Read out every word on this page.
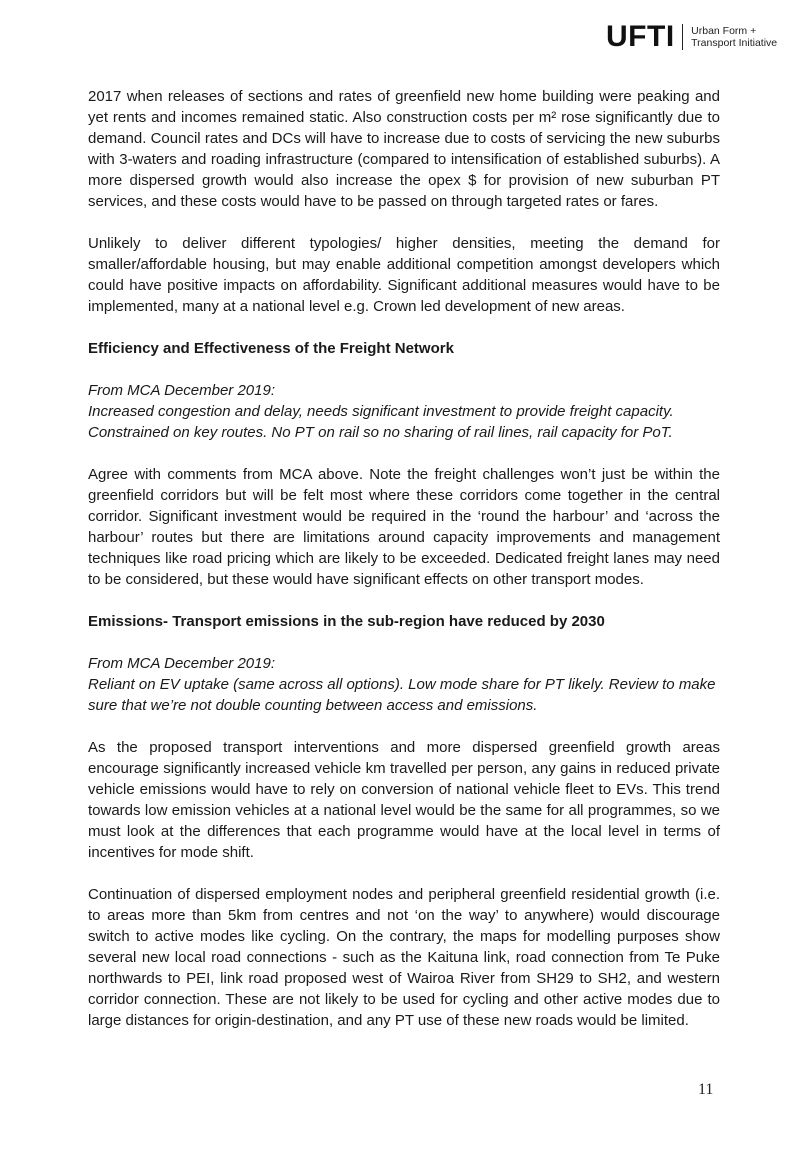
UFTI Urban Form +
Transport Initiative

2017 when releases of sections and rates of greenfield new home building were peaking and yet rents and incomes remained static. Also construction costs per m² rose significantly due to demand. Council rates and DCs will have to increase due to costs of servicing the new suburbs with 3-waters and roading infrastructure (compared to intensification of established suburbs). A more dispersed growth would also increase the opex $ for provision of new suburban PT services, and these costs would have to be passed on through targeted rates or fares.

Unlikely to deliver different typologies/ higher densities, meeting the demand for smaller/affordable housing, but may enable additional competition amongst developers which could have positive impacts on affordability. Significant additional measures would have to be implemented, many at a national level e.g. Crown led development of new areas.

Efficiency and Effectiveness of the Freight Network

From MCA December 2019:

Increased congestion and delay, needs significant investment to provide freight capacity. Constrained on key routes. No PT on rail so no sharing of rail lines, rail capacity for PoT.

Agree with comments from MCA above. Note the freight challenges won’t just be within the greenfield corridors but will be felt most where these corridors come together in the central corridor. Significant investment would be required in the ‘round the harbour’ and ‘across the harbour’ routes but there are limitations around capacity improvements and management techniques like road pricing which are likely to be exceeded. Dedicated freight lanes may need to be considered, but these would have significant effects on other transport modes.

Emissions- Transport emissions in the sub-region have reduced by 2030

From MCA December 2019:

Reliant on EV uptake (same across all options). Low mode share for PT likely. Review to make sure that we’re not double counting between access and emissions.

As the proposed transport interventions and more dispersed greenfield growth areas encourage significantly increased vehicle km travelled per person, any gains in reduced private vehicle emissions would have to rely on conversion of national vehicle fleet to EVs. This trend towards low emission vehicles at a national level would be the same for all programmes, so we must look at the differences that each programme would have at the local level in terms of incentives for mode shift.

Continuation of dispersed employment nodes and peripheral greenfield residential growth (i.e. to areas more than 5km from centres and not ‘on the way’ to anywhere) would discourage switch to active modes like cycling. On the contrary, the maps for modelling purposes show several new local road connections - such as the Kaituna link, road connection from Te Puke northwards to PEI, link road proposed west of Wairoa River from SH29 to SH2, and western corridor connection. These are not likely to be used for cycling and other active modes due to large distances for origin-destination, and any PT use of these new roads would be limited.

11
